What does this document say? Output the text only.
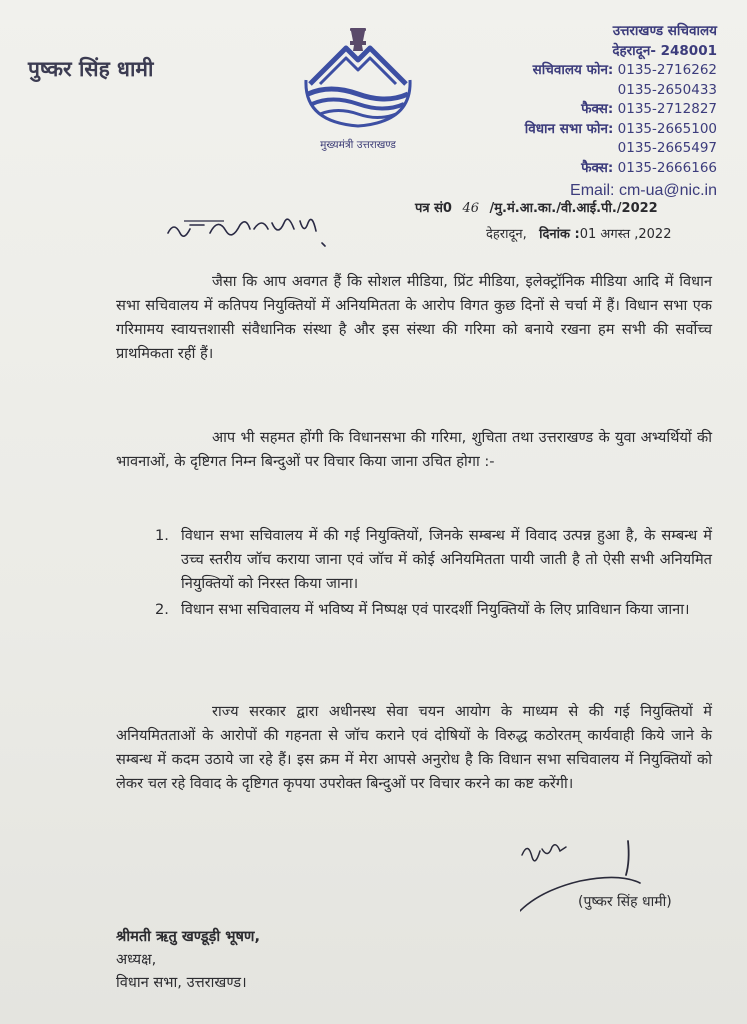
पुष्कर सिंह धामी
मुख्यमंत्री उत्तराखण्ड
उत्तराखण्ड सचिवालय
देहरादून- 248001
सचिवालय फोन: 0135-2716262
0135-2650433
फैक्स: 0135-2712827
विधान सभा फोन: 0135-2665100
0135-2665497
फैक्स: 0135-2666166
Email: cm-ua@nic.in
पत्र सं0 46 /मु.मं.आ.का./वी.आई.पी./2022
देहरादून, दिनांक :01 अगस्त ,2022
जैसा कि आप अवगत हैं कि सोशल मीडिया, प्रिंट मीडिया, इलेक्ट्रॉनिक मीडिया आदि में विधान सभा सचिवालय में कतिपय नियुक्तियों में अनियमितता के आरोप विगत कुछ दिनों से चर्चा में हैं। विधान सभा एक गरिमामय स्वायत्तशासी संवैधानिक संस्था है और इस संस्था की गरिमा को बनाये रखना हम सभी की सर्वोच्च प्राथमिकता रहीं हैं।
आप भी सहमत होंगी कि विधानसभा की गरिमा, शुचिता तथा उत्तराखण्ड के युवा अभ्यर्थियों की भावनाओं, के दृष्टिगत निम्न बिन्दुओं पर विचार किया जाना उचित होगा :-
1. विधान सभा सचिवालय में की गई नियुक्तियों, जिनके सम्बन्ध में विवाद उत्पन्न हुआ है, के सम्बन्ध में उच्च स्तरीय जॉच कराया जाना एवं जॉच में कोई अनियमितता पायी जाती है तो ऐसी सभी अनियमित नियुक्तियों को निरस्त किया जाना।
2. विधान सभा सचिवालय में भविष्य में निष्पक्ष एवं पारदर्शी नियुक्तियों के लिए प्राविधान किया जाना।
राज्य सरकार द्वारा अधीनस्थ सेवा चयन आयोग के माध्यम से की गई नियुक्तियों में अनियमितताओं के आरोपों की गहनता से जॉच कराने एवं दोषियों के विरुद्ध कठोरतम् कार्यवाही किये जाने के सम्बन्ध में कदम उठाये जा रहे हैं। इस क्रम में मेरा आपसे अनुरोध है कि विधान सभा सचिवालय में नियुक्तियों को लेकर चल रहे विवाद के दृष्टिगत कृपया उपरोक्त बिन्दुओं पर विचार करने का कष्ट करेंगी।
(पुष्कर सिंह धामी)
श्रीमती ऋतु खण्डूड़ी भूषण,
अध्यक्ष,
विधान सभा, उत्तराखण्ड।
